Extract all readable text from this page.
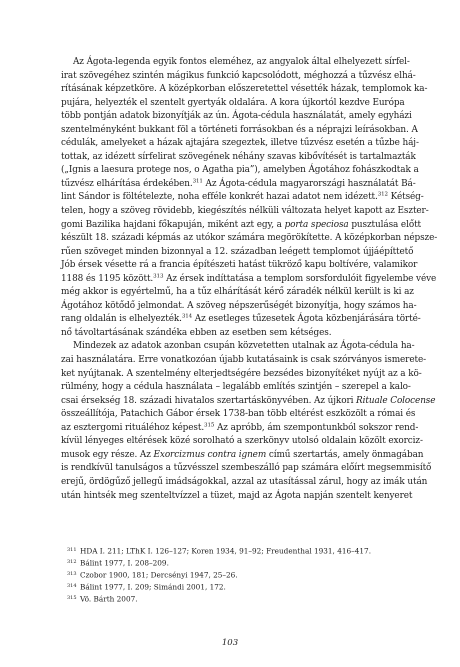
Az Ágota-legenda egyik fontos eleméhez, az angyalok által elhelyezett sírfel-
irat szövegéhez szintén mágikus funkció kapcsolódott, méghozzá a tűzvész elhá-
rításának képzetköre. A középkorban előszeretettel vésették házak, templomok ka-
pujára, helyezték el szentelt gyertyák oldalára. A kora újkortól kezdve Európa
több pontján adatok bizonyítják az ún. Ágota-cédula használatát, amely egyházi
szentelményként bukkant föl a történeti forrásokban és a néprajzi leírásokban. A
cédulák, amelyeket a házak ajtajára szegeztek, illetve tűzvész esetén a tűzbe háj-
tottak, az idézett sírfelirat szövegének néhány szavas kibővítését is tartalmazták
(„Ignis a laesura protege nos, o Agatha pia”), amelyben Ágotához fohászkodtak a
tűzvész elhárítása érdekében.$^{311}$ Az Ágota-cédula magyarországi használatát Bá-
lint Sándor is föltételezte, noha efféle konkrét hazai adatot nem idézett.$^{312}$ Kétség-
telen, hogy a szöveg rövidebb, kiegészítés nélküli változata helyet kapott az Eszter-
gomi Bazilika hajdani főkapuján, miként azt egy, a porta speciosa pusztulása előtt
készült 18. századi képmás az utókor számára megörökítette. A középkorban népsze-
rűen szöveget minden bizonnyal a 12. században leégett templomot újjáépíttető
Jób érsek vésette rá a francia építészeti hatást tükröző kapu boltívére, valamikor
1188 és 1195 között.$^{313}$ Az érsek indíttatása a templom sorsfordulóit figyelembe véve
még akkor is egyértelmű, ha a tűz elhárítását kérő záradék nélkül került is ki az
Ágotához kötődő jelmondat. A szöveg népszerűségét bizonyítja, hogy számos ha-
rang oldalán is elhelyezték.$^{314}$ Az esetleges tűzesetek Ágota közbenjárására törté-
nő távoltartásának szándéka ebben az esetben sem kétséges.
Mindezek az adatok azonban csupán közvetetten utalnak az Ágota-cédula ha-
zai használatára. Erre vonatkozóan újabb kutatásaink is csak szórványos ismerete-
ket nyújtanak. A szentelmény elterjedtségére bezsédes bizonyítéket nyújt az a kö-
rülmény, hogy a cédula használata – legalább említés szintjén – szerepel a kalo-
csai érsekség 18. századi hivatalos szertartáskönyvében. Az újkori Rituale Colocense
összeállítója, Patachich Gábor érsek 1738-ban több eltérést eszközölt a római és
az esztergomi rituáléhoz képest.$^{315}$ Az apróbb, ám szempontunkból sokszor rend-
kívül lényeges eltérések közé sorolható a szerkönyv utolsó oldalain közölt exorciz-
musok egy része. Az Exorcizmus contra ignem című szertartás, amely önmagában
is rendkívül tanulságos a tűzvésszel szembeszálló pap számára előírt megsemmisítő
erejű, ördögűző jellegű imádságokkal, azzal az utasítással zárul, hogy az imák után
után hintsék meg szenteltvízzel a tüzet, majd az Ágota napján szentelt kenyeret
311 HDA I. 211; LThK I. 126–127; Koren 1934, 91–92; Freudenthal 1931, 416–417.
312 Bálint 1977, I. 208–209.
313 Czobor 1900, 181; Dercsényi 1947, 25–26.
314 Bálint 1977, I. 209; Simándi 2001, 172.
315 Vö. Bárth 2007.
103
